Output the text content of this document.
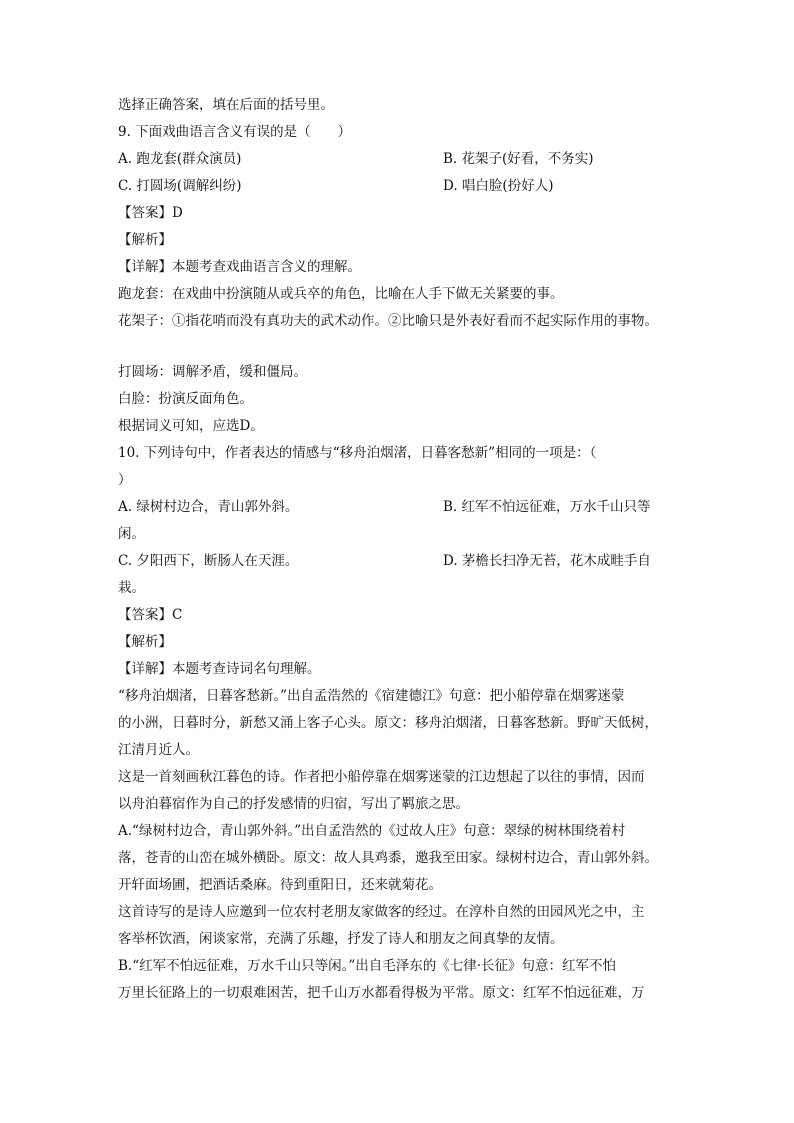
选择正确答案，填在后面的括号里。
9. 下面戏曲语言含义有误的是（　　）
A. 跑龙套(群众演员)	B. 花架子(好看，不务实)
C. 打圆场(调解纠纷)	D. 唱白脸(扮好人)
【答案】D
【解析】
【详解】本题考查戏曲语言含义的理解。
跑龙套：在戏曲中扮演随从或兵卒的角色，比喻在人手下做无关紧要的事。
花架子：①指花哨而没有真功夫的武术动作。②比喻只是外表好看而不起实际作用的事物。
打圆场：调解矛盾，缓和僵局。
白脸：扮演反面角色。
根据词义可知，应选D。
10. 下列诗句中，作者表达的情感与“移舟泊烟渚，日暮客愁新”相同的一项是：（
）
A. 绿树村边合，青山郭外斜。	B. 红军不怕远征难，万水千山只等
闲。
C. 夕阳西下，断肠人在天涯。	D. 茅檐长扫净无苔，花木成畦手自
栽。
【答案】C
【解析】
【详解】本题考查诗词名句理解。
“移舟泊烟渚，日暮客愁新。”出自孟浩然的《宿建德江》句意：把小船停靠在烟雾迷蒙
的小洲，日暮时分，新愁又涌上客子心头。原文：移舟泊烟渚，日暮客愁新。野旷天低树，
江清月近人。
这是一首刻画秋江暮色的诗。作者把小船停靠在烟雾迷蒙的江边想起了以往的事情，因而
以舟泊暮宿作为自己的抒发感情的归宿，写出了羁旅之思。
A.“绿树村边合，青山郭外斜。”出自孟浩然的《过故人庄》句意：翠绿的树林围绕着村
落，苍青的山峦在城外横卧。原文：故人具鸡黍，邀我至田家。绿树村边合，青山郭外斜。
开轩面场圃，把酒话桑麻。待到重阳日，还来就菊花。
这首诗写的是诗人应邀到一位农村老朋友家做客的经过。在淳朴自然的田园风光之中，主
客举杯饮酒，闲谈家常，充满了乐趣，抒发了诗人和朋友之间真挚的友情。
B.“红军不怕远征难，万水千山只等闲。”出自毛泽东的《七律·长征》句意：红军不怕
万里长征路上的一切艰难困苦，把千山万水都看得极为平常。原文：红军不怕远征难，万
